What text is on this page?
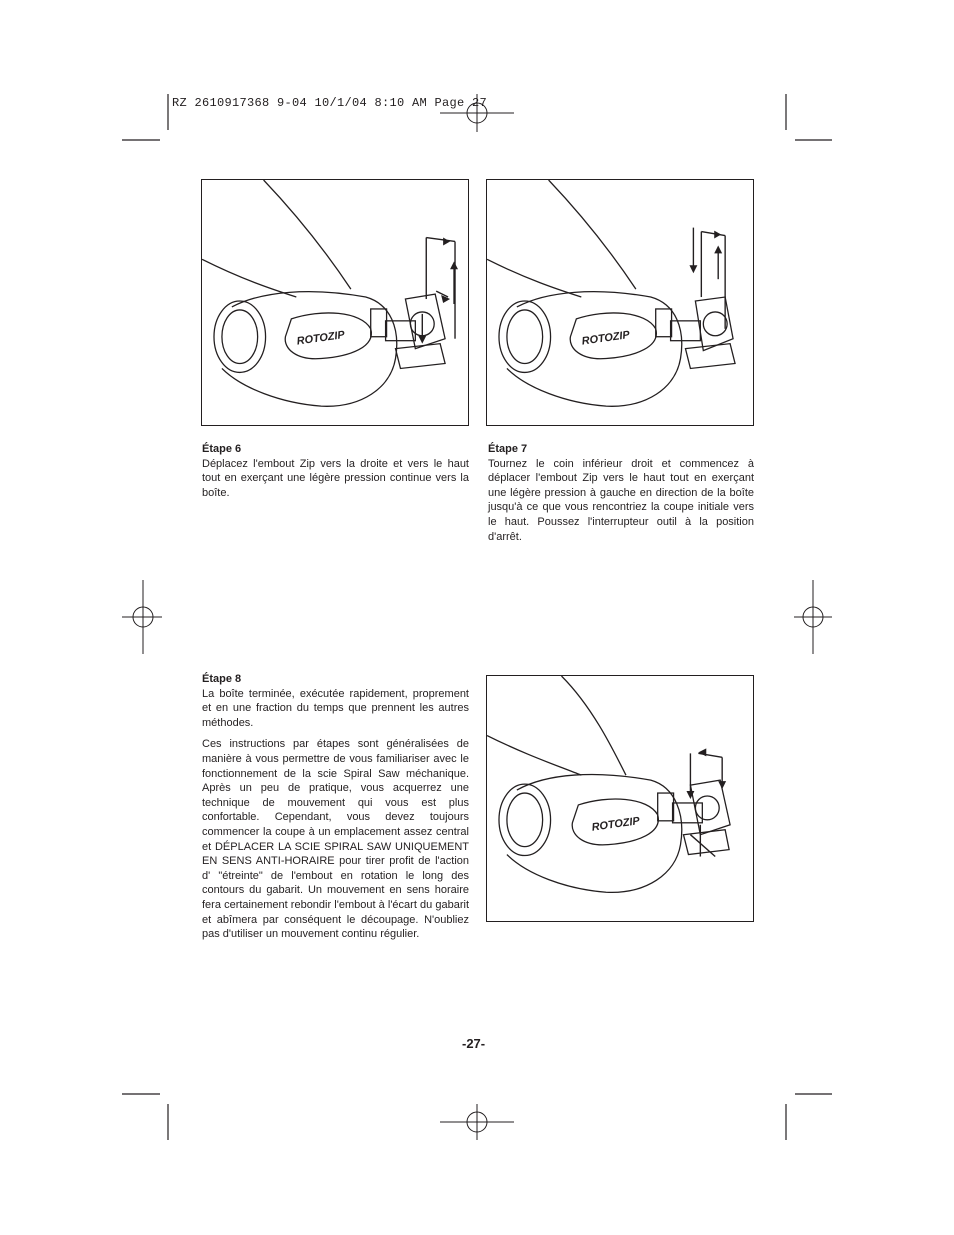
RZ 2610917368 9-04 10/1/04 8:10 AM Page 27
ROTOZIP	ROTOZIP
Étape 6

Déplacez l'embout Zip vers la droite et vers le haut tout en exerçant une légère pression continue vers la boîte.

Étape 7

Tournez le coin inférieur droit et commencez à déplacer l'embout Zip vers le haut tout en exerçant une légère pression à gauche en direction de la boîte jusqu'à ce que vous rencontriez la coupe initiale vers le haut. Poussez l'interrupteur outil à la position d'arrêt.

Étape 8

La boîte terminée, exécutée rapidement, proprement et en une fraction du temps que prennent les autres méthodes.

Ces instructions par étapes sont généralisées de manière à vous permettre de vous familiariser avec le fonctionnement de la scie Spiral Saw méchanique. Après un peu de pratique, vous acquerrez une technique de mouvement qui vous est plus confortable. Cependant, vous devez toujours commencer la coupe à un emplacement assez central et DÉPLACER LA SCIE SPIRAL SAW UNIQUEMENT EN SENS ANTI-HORAIRE pour tirer profit de l'action d' "étreinte" de l'embout en rotation le long des contours du gabarit. Un mouvement en sens horaire fera certainement rebondir l'embout à l'écart du gabarit et abîmera par conséquent le découpage. N'oubliez pas d'utiliser un mouvement continu régulier.

ROTOZIP
-27-
